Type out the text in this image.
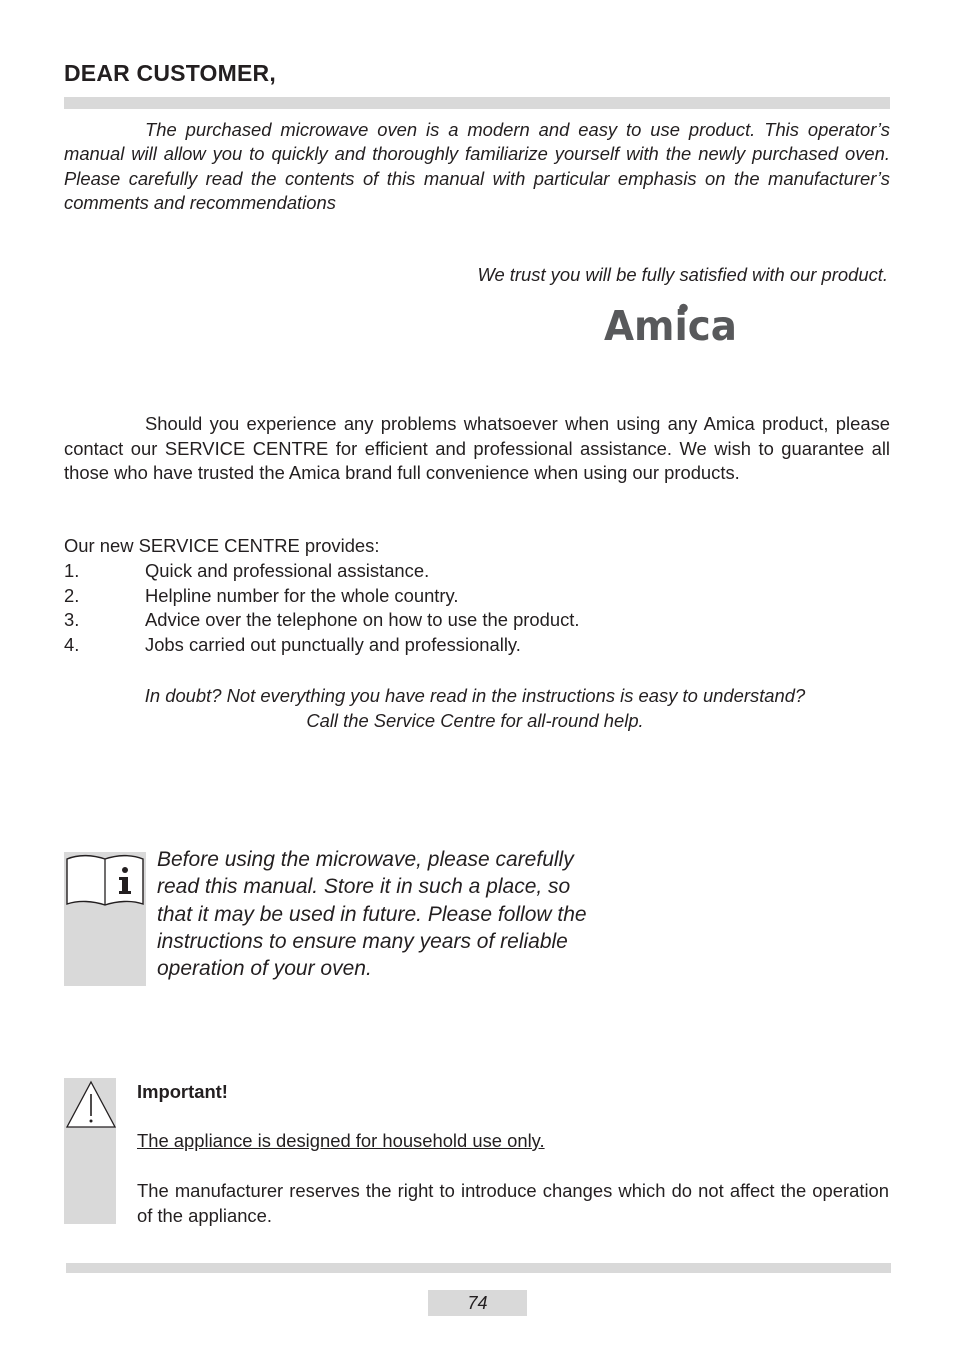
DEAR CUSTOMER,
The purchased microwave oven is a modern and easy to use product. This operator’s manual will allow you to quickly and thoroughly familiarize yourself with the newly purchased oven. Please carefully read the contents of this manual with particular emphasis on the manufacturer’s comments and recommendations
We trust you will be fully satisfied with our product.
Amica
Should you experience any problems whatsoever when using any Amica product, please contact our SERVICE CENTRE for efficient and professional assistance. We wish to guarantee all those who have trusted the Amica brand full convenience when using our products.
Our new SERVICE CENTRE provides:
1.	Quick and professional assistance.
2.	Helpline number for the whole country.
3.	Advice over the telephone on how to use the product.
4.	Jobs carried out punctually and professionally.
In doubt? Not everything you have read in the instructions is easy to understand?
Call the Service Centre for all-round help.
Before using the microwave, please carefully read this manual. Store it in such a place, so that it may be used in future. Please follow the instructions to ensure many years of reliable operation of your oven.
Important!
The appliance is designed for household use only.
The manufacturer reserves the right to introduce changes which do not affect the operation of the appliance.
74
